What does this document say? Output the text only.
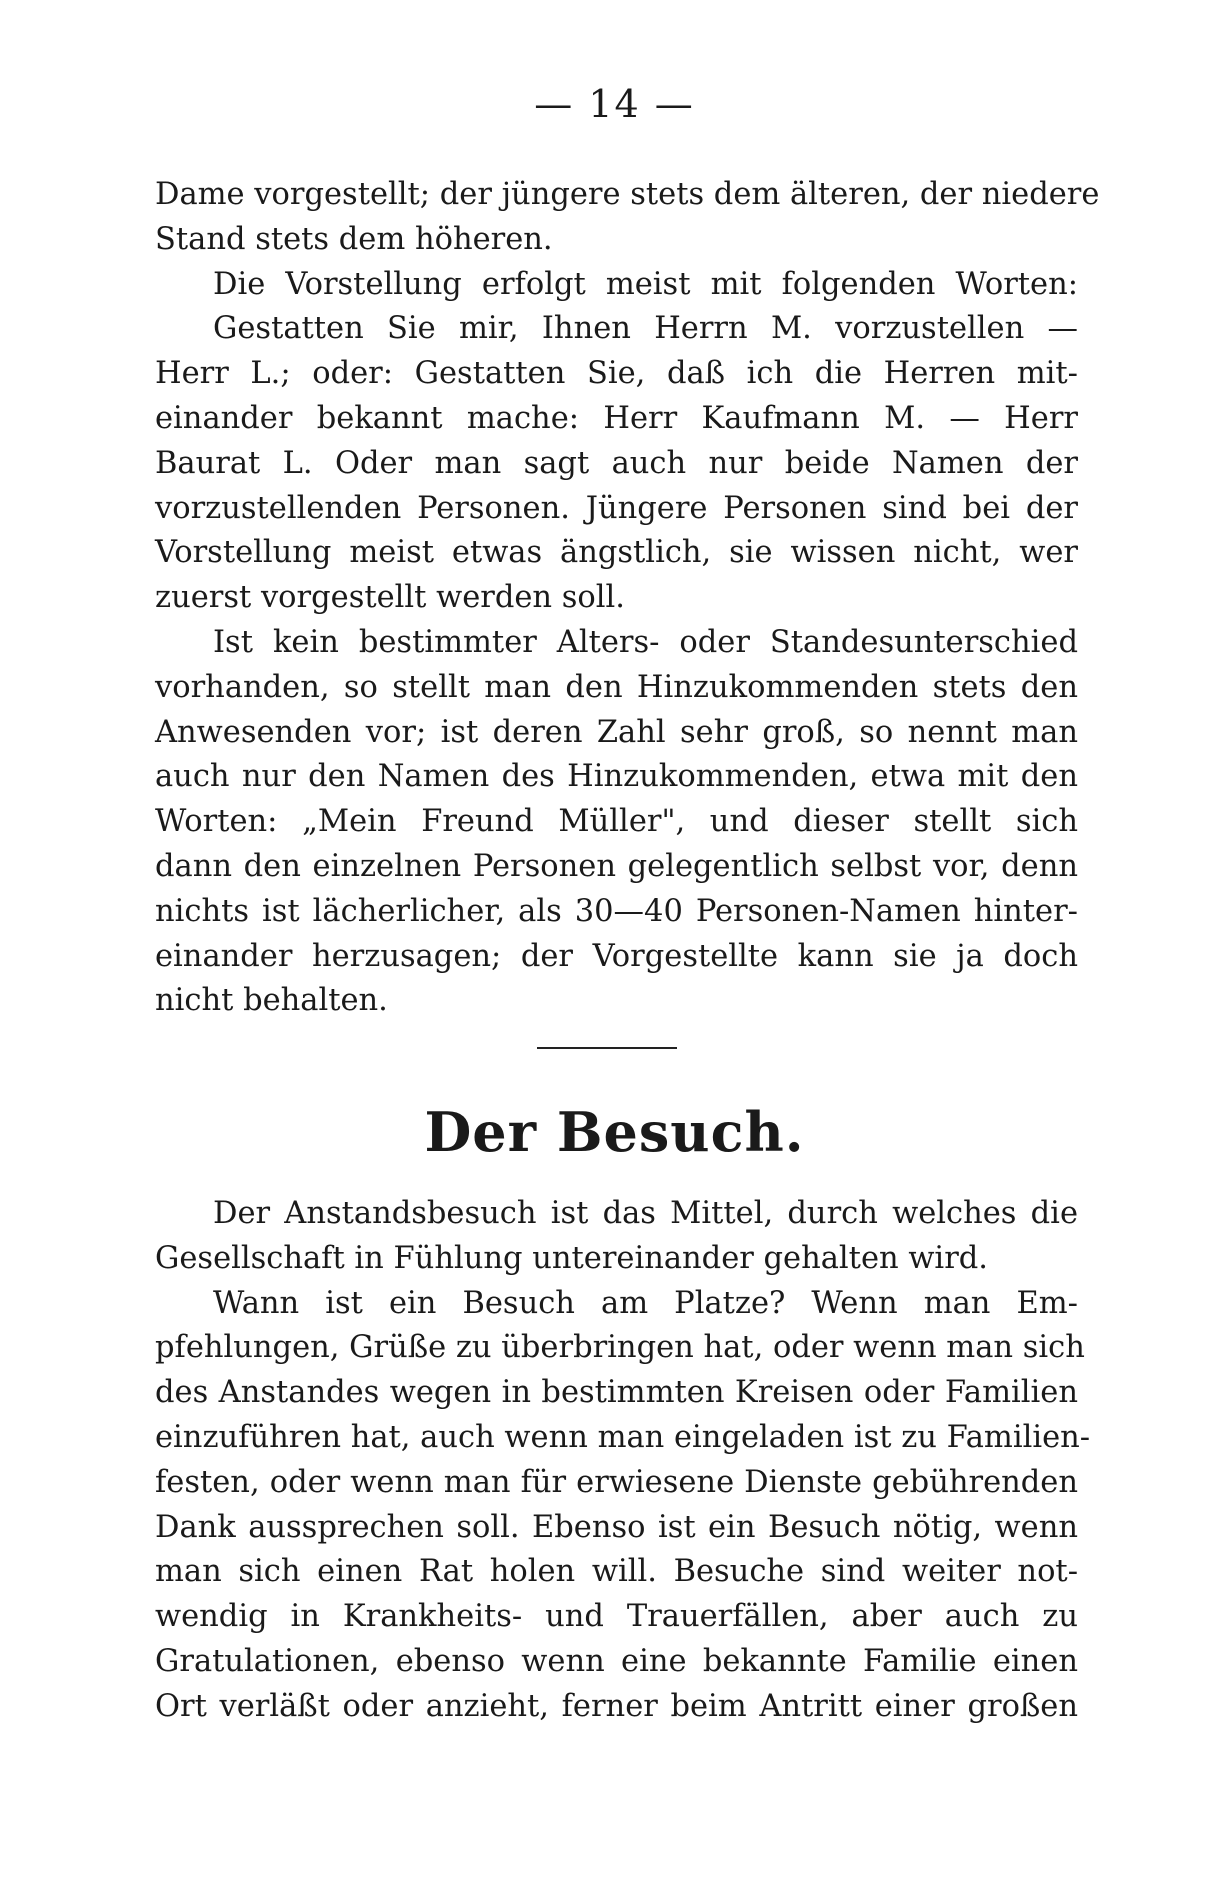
— 14 —
Dame vorgestellt; der jüngere stets dem älteren, der niedere
Stand stets dem höheren.
Die Vorstellung erfolgt meist mit folgenden Worten:
Gestatten Sie mir, Ihnen Herrn M. vorzustellen —
Herr L.; oder: Gestatten Sie, daß ich die Herren mit-
einander bekannt mache: Herr Kaufmann M. — Herr
Baurat L. Oder man sagt auch nur beide Namen der
vorzustellenden Personen. Jüngere Personen sind bei der
Vorstellung meist etwas ängstlich, sie wissen nicht, wer
zuerst vorgestellt werden soll.
Ist kein bestimmter Alters- oder Standesunterschied
vorhanden, so stellt man den Hinzukommenden stets den
Anwesenden vor; ist deren Zahl sehr groß, so nennt man
auch nur den Namen des Hinzukommenden, etwa mit den
Worten: „Mein Freund Müller", und dieser stellt sich
dann den einzelnen Personen gelegentlich selbst vor, denn
nichts ist lächerlicher, als 30—40 Personen-Namen hinter-
einander herzusagen; der Vorgestellte kann sie ja doch
nicht behalten.
Der Besuch.
Der Anstandsbesuch ist das Mittel, durch welches die
Gesellschaft in Fühlung untereinander gehalten wird.
Wann ist ein Besuch am Platze? Wenn man Em-
pfehlungen, Grüße zu überbringen hat, oder wenn man sich
des Anstandes wegen in bestimmten Kreisen oder Familien
einzuführen hat, auch wenn man eingeladen ist zu Familien-
festen, oder wenn man für erwiesene Dienste gebührenden
Dank aussprechen soll. Ebenso ist ein Besuch nötig, wenn
man sich einen Rat holen will. Besuche sind weiter not-
wendig in Krankheits- und Trauerfällen, aber auch zu
Gratulationen, ebenso wenn eine bekannte Familie einen
Ort verläßt oder anzieht, ferner beim Antritt einer großen
